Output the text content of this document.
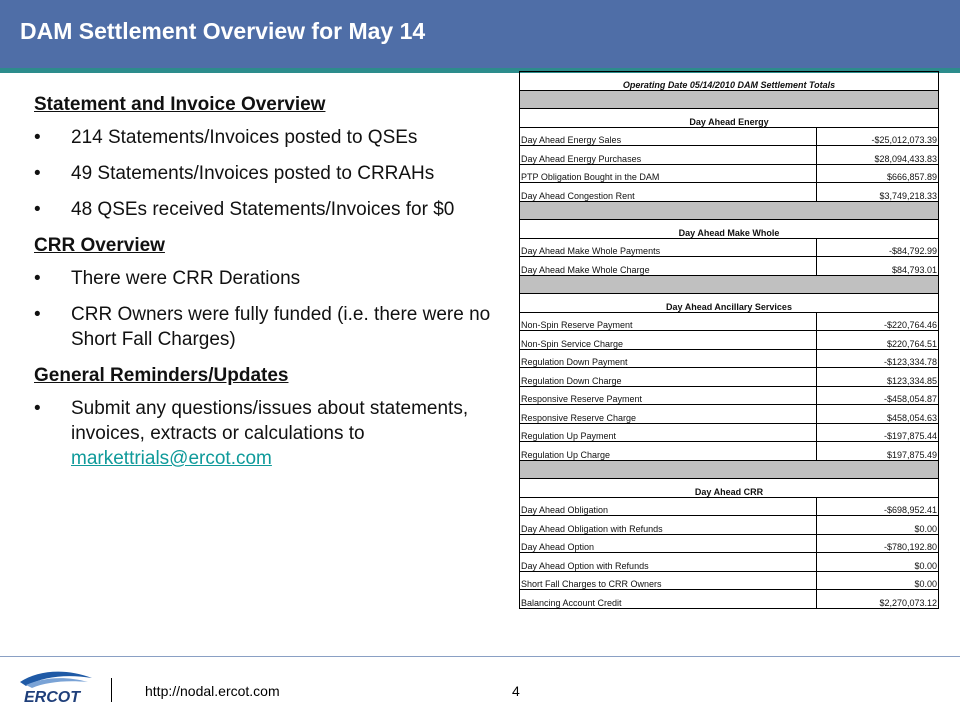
DAM Settlement Overview for May 14
Statement and Invoice Overview
• 214 Statements/Invoices posted to QSEs
• 49 Statements/Invoices posted to CRRAHs
• 48 QSEs received Statements/Invoices for $0
CRR Overview
• There were CRR Derations
• CRR Owners were fully funded (i.e. there were no Short Fall Charges)
General Reminders/Updates
• Submit any questions/issues about statements, invoices, extracts or calculations to markettrials@ercot.com
Operating Date 05/14/2010 DAM Settlement Totals	

Day Ahead Energy	
Day Ahead Energy Sales	-$25,012,073.39
Day Ahead Energy Purchases	$28,094,433.83
PTP Obligation Bought in the DAM	$666,857.89
Day Ahead Congestion Rent	$3,749,218.33

Day Ahead Make Whole	
Day Ahead Make Whole Payments	-$84,792.99
Day Ahead Make Whole Charge	$84,793.01

Day Ahead Ancillary Services	
Non-Spin Reserve Payment	-$220,764.46
Non-Spin Service Charge	$220,764.51
Regulation Down Payment	-$123,334.78
Regulation Down Charge	$123,334.85
Responsive Reserve Payment	-$458,054.87
Responsive Reserve Charge	$458,054.63
Regulation Up Payment	-$197,875.44
Regulation Up Charge	$197,875.49

Day Ahead CRR	
Day Ahead Obligation	-$698,952.41
Day Ahead Obligation with Refunds	$0.00
Day Ahead Option	-$780,192.80
Day Ahead Option with Refunds	$0.00
Short Fall Charges to CRR Owners	$0.00
Balancing Account Credit	$2,270,073.12
ERCOT	http://nodal.ercot.com	4
